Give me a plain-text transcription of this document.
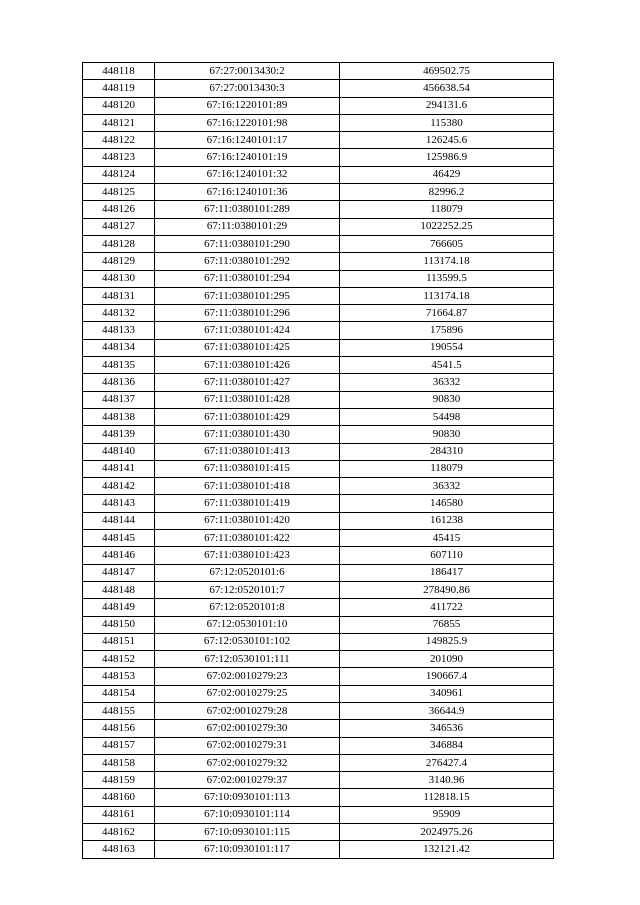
448118	67:27:0013430:2	469502.75
448119	67:27:0013430:3	456638.54
448120	67:16:1220101:89	294131.6
448121	67:16:1220101:98	115380
448122	67:16:1240101:17	126245.6
448123	67:16:1240101:19	125986.9
448124	67:16:1240101:32	46429
448125	67:16:1240101:36	82996.2
448126	67:11:0380101:289	118079
448127	67:11:0380101:29	1022252.25
448128	67:11:0380101:290	766605
448129	67:11:0380101:292	113174.18
448130	67:11:0380101:294	113599.5
448131	67:11:0380101:295	113174.18
448132	67:11:0380101:296	71664.87
448133	67:11:0380101:424	175896
448134	67:11:0380101:425	190554
448135	67:11:0380101:426	4541.5
448136	67:11:0380101:427	36332
448137	67:11:0380101:428	90830
448138	67:11:0380101:429	54498
448139	67:11:0380101:430	90830
448140	67:11:0380101:413	284310
448141	67:11:0380101:415	118079
448142	67:11:0380101:418	36332
448143	67:11:0380101:419	146580
448144	67:11:0380101:420	161238
448145	67:11:0380101:422	45415
448146	67:11:0380101:423	607110
448147	67:12:0520101:6	186417
448148	67:12:0520101:7	278490.86
448149	67:12:0520101:8	411722
448150	67:12:0530101:10	76855
448151	67:12:0530101:102	149825.9
448152	67:12:0530101:111	201090
448153	67:02:0010279:23	190667.4
448154	67:02:0010279:25	340961
448155	67:02:0010279:28	36644.9
448156	67:02:0010279:30	346536
448157	67:02:0010279:31	346884
448158	67:02:0010279:32	276427.4
448159	67:02:0010279:37	3140.96
448160	67:10:0930101:113	112818.15
448161	67:10:0930101:114	95909
448162	67:10:0930101:115	2024975.26
448163	67:10:0930101:117	132121.42
